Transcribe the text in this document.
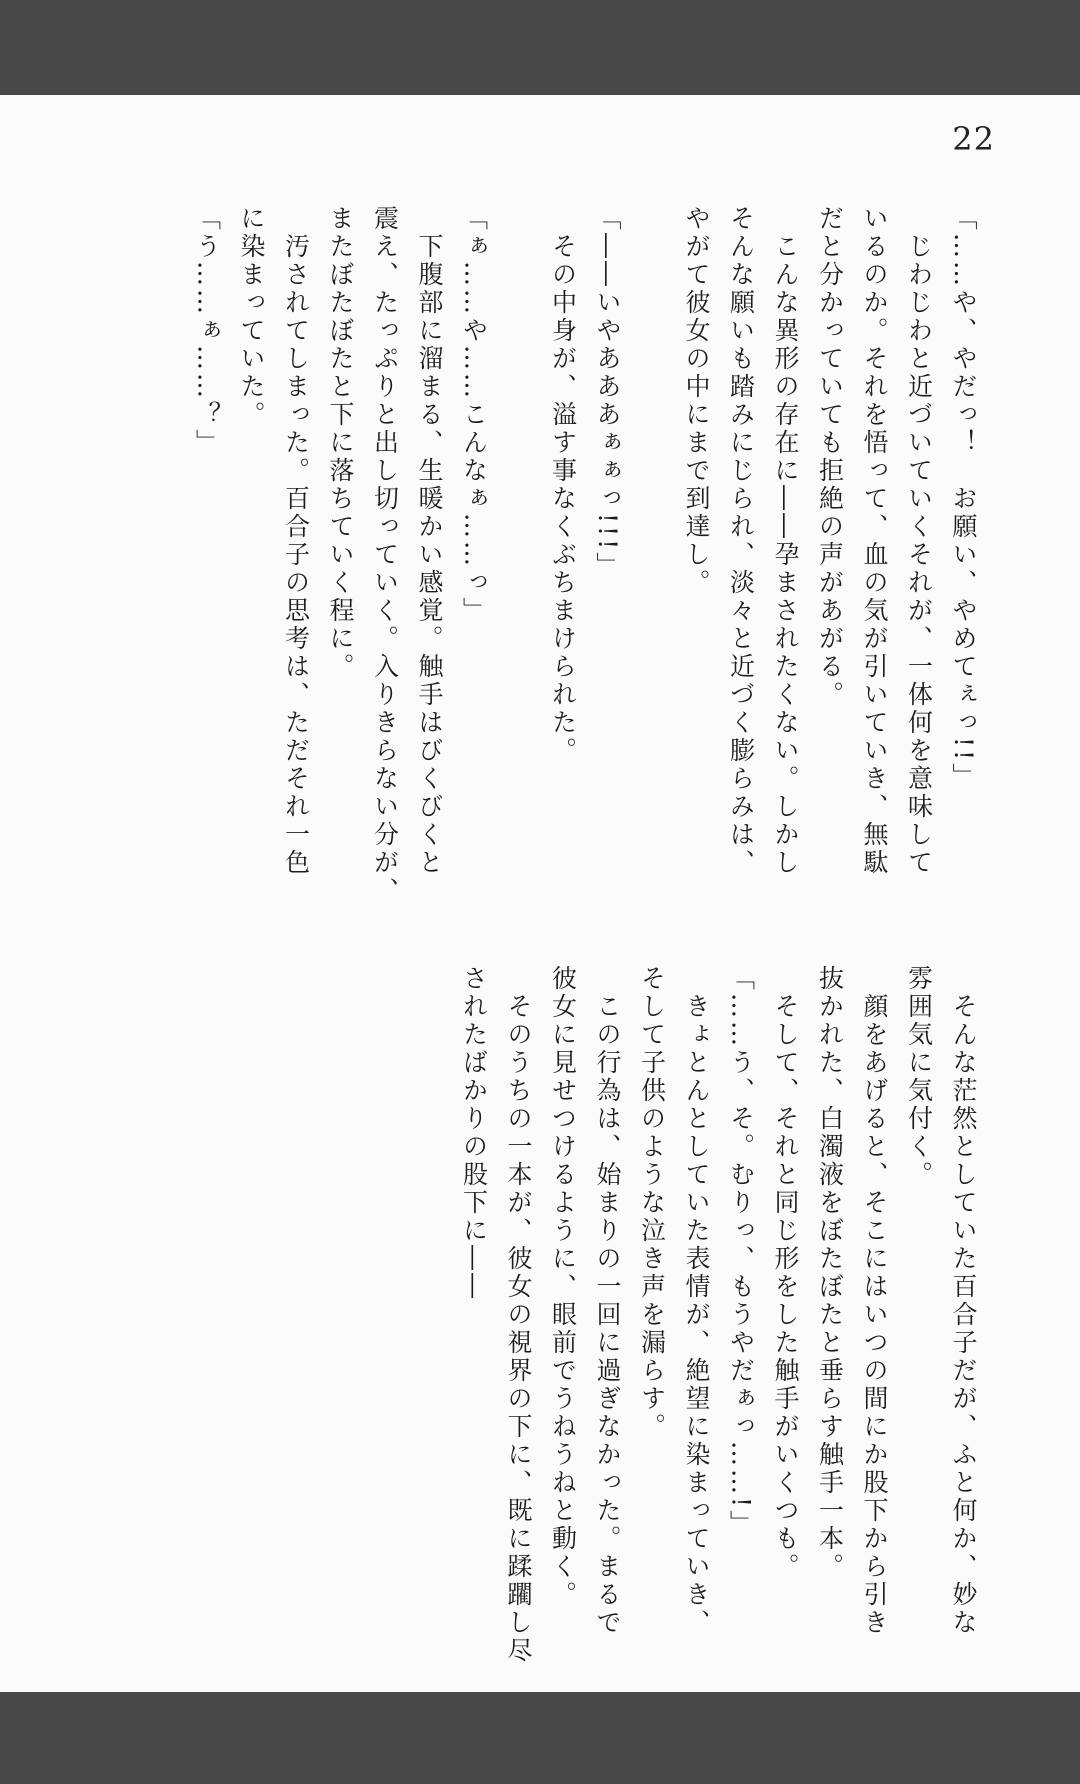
22
「……や、やだっ！　お願い、やめてぇっ!!」
　じわじわと近づいていくそれが、一体何を意味して
いるのか。それを悟って、血の気が引いていき、無駄
だと分かっていても拒絶の声があがる。
　こんな異形の存在に――孕まされたくない。しかし
そんな願いも踏みにじられ、淡々と近づく膨らみは、
やがて彼女の中にまで到達し。
「――いやあああぁぁっ!!!」
　その中身が、溢す事なくぶちまけられた。
「ぁ……や……こんなぁ……っ」
　下腹部に溜まる、生暖かい感覚。触手はびくびくと
震え、たっぷりと出し切っていく。入りきらない分が、
またぼたぼたと下に落ちていく程に。
　汚されてしまった。百合子の思考は、ただそれ一色
に染まっていた。
「う……ぁ……？」
　そんな茫然としていた百合子だが、ふと何か、妙な
雰囲気に気付く。
　顔をあげると、そこにはいつの間にか股下から引き
抜かれた、白濁液をぼたぼたと垂らす触手一本。
　そして、それと同じ形をした触手がいくつも。
「……う、そ。むりっ、もうやだぁっ……!」
　きょとんとしていた表情が、絶望に染まっていき、
そして子供のような泣き声を漏らす。
　この行為は、始まりの一回に過ぎなかった。まるで
彼女に見せつけるように、眼前でうねうねと動く。
　そのうちの一本が、彼女の視界の下に、既に蹂躙し尽
されたばかりの股下に――
